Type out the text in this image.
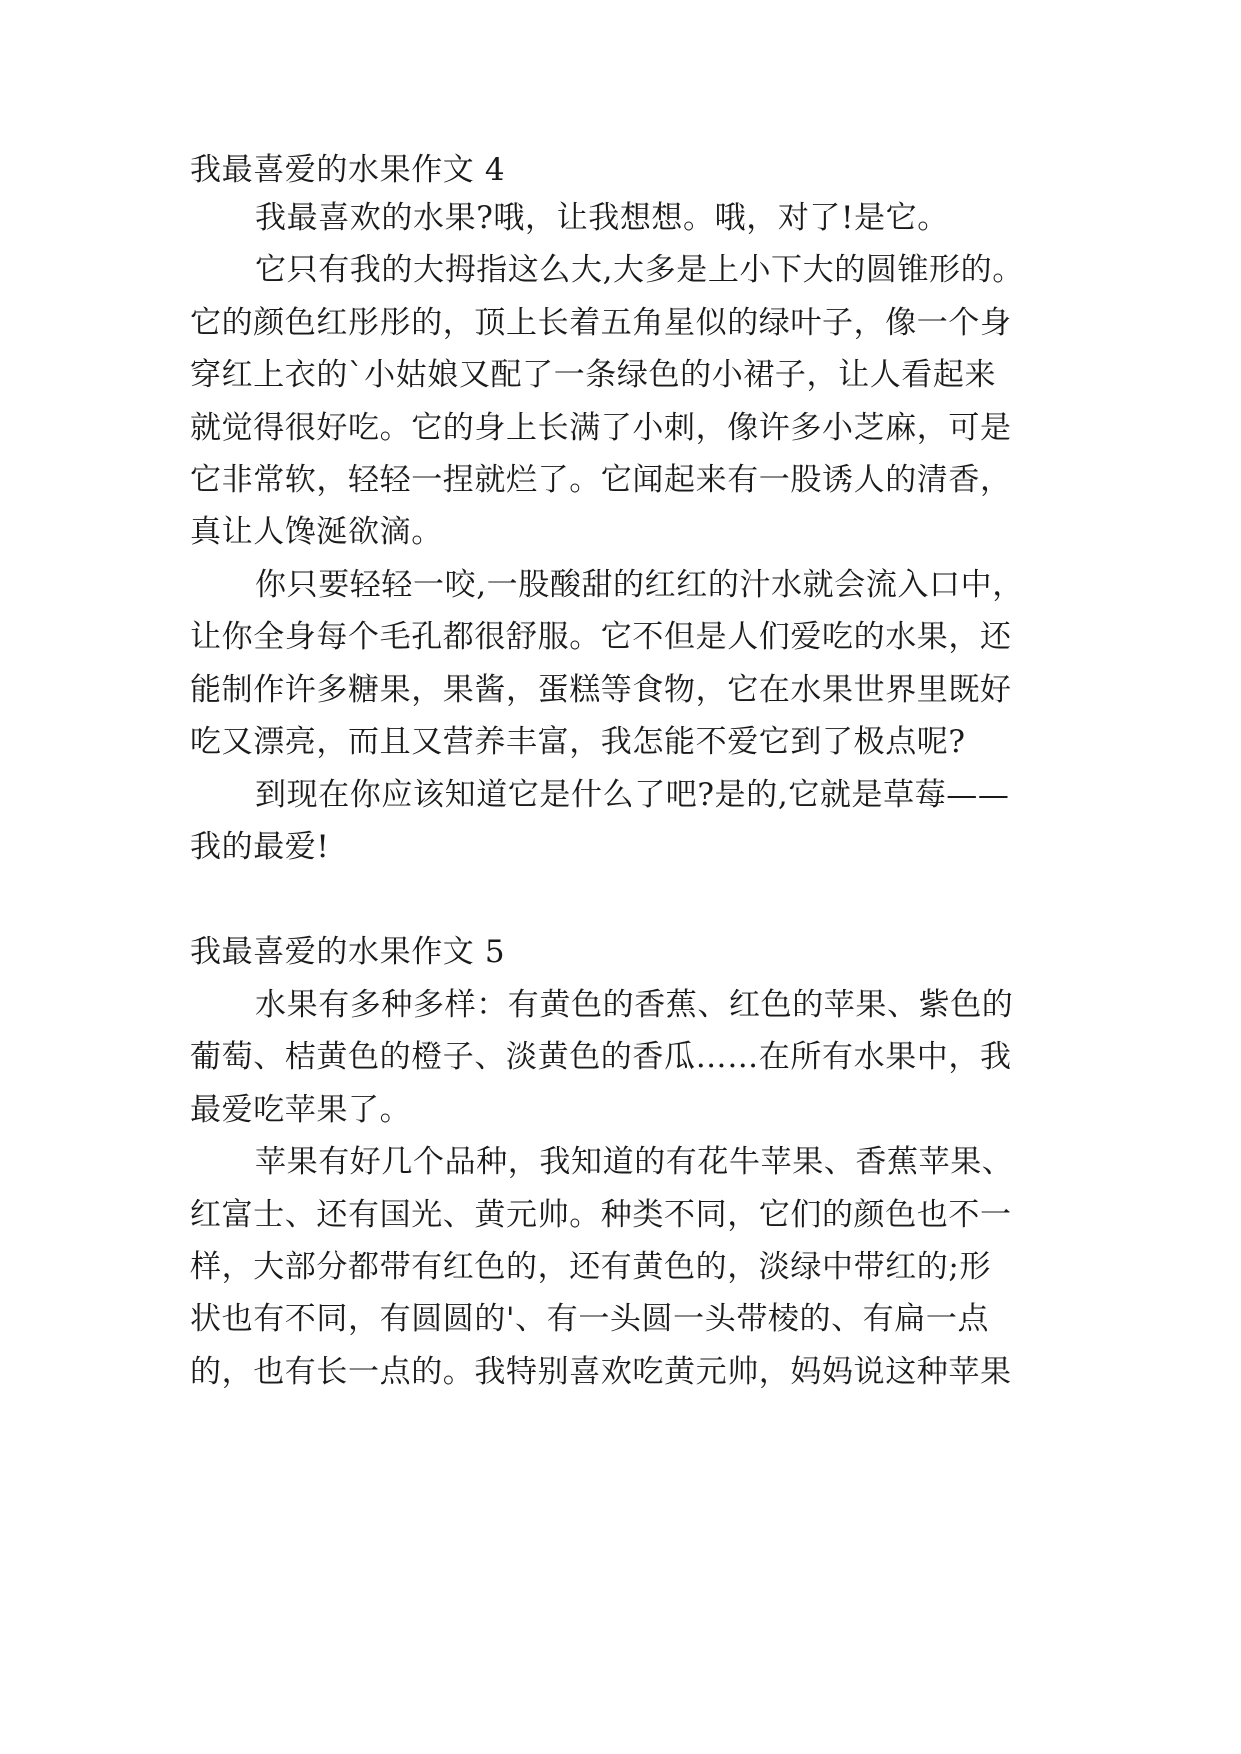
我最喜爱的水果作文 4
我最喜欢的水果?哦，让我想想。哦，对了!是它。
它只有我的大拇指这么大,大多是上小下大的圆锥形的。
它的颜色红彤彤的，顶上长着五角星似的绿叶子，像一个身
穿红上衣的`小姑娘又配了一条绿色的小裙子，让人看起来
就觉得很好吃。它的身上长满了小刺，像许多小芝麻，可是
它非常软，轻轻一捏就烂了。它闻起来有一股诱人的清香，
真让人馋涎欲滴。
你只要轻轻一咬,一股酸甜的红红的汁水就会流入口中，
让你全身每个毛孔都很舒服。它不但是人们爱吃的水果，还
能制作许多糖果，果酱，蛋糕等食物，它在水果世界里既好
吃又漂亮，而且又营养丰富，我怎能不爱它到了极点呢?
到现在你应该知道它是什么了吧?是的,它就是草莓——
我的最爱!
我最喜爱的水果作文 5
水果有多种多样：有黄色的香蕉、红色的苹果、紫色的
葡萄、桔黄色的橙子、淡黄色的香瓜……在所有水果中，我
最爱吃苹果了。
苹果有好几个品种，我知道的有花牛苹果、香蕉苹果、
红富士、还有国光、黄元帅。种类不同，它们的颜色也不一
样，大部分都带有红色的，还有黄色的，淡绿中带红的;形
状也有不同，有圆圆的'、有一头圆一头带棱的、有扁一点
的，也有长一点的。我特别喜欢吃黄元帅，妈妈说这种苹果
